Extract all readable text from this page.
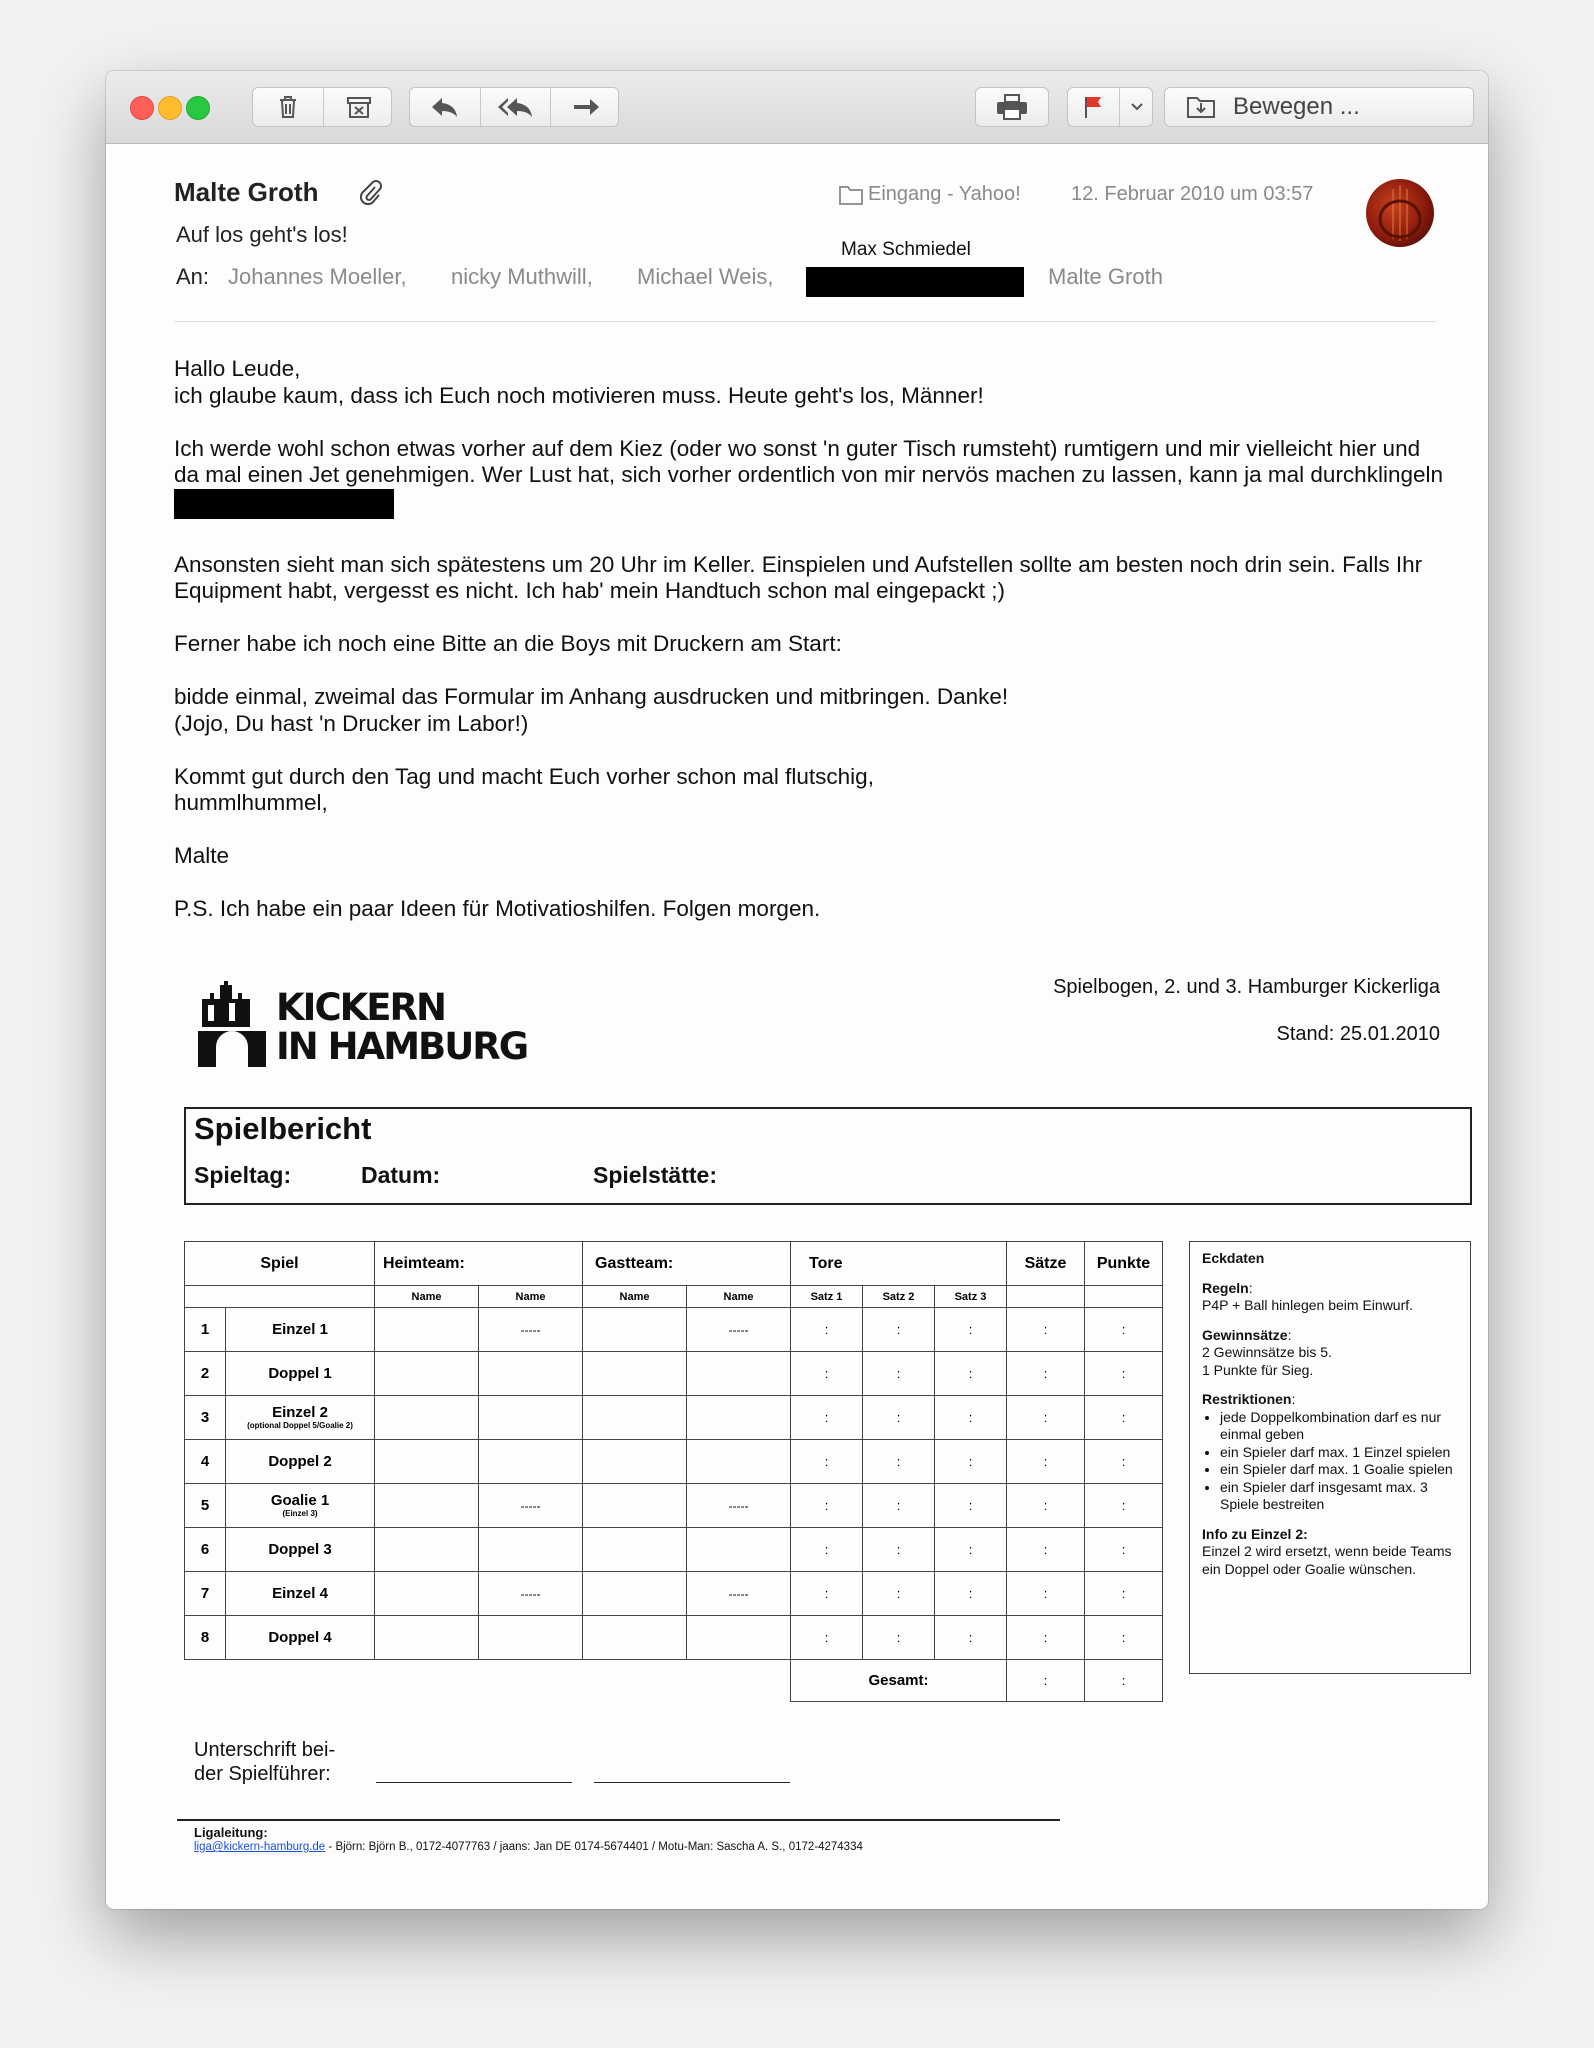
Bewegen ...
Malte Groth	Eingang - Yahoo!	12. Februar 2010 um 03:57
Auf los geht's los!
An: Johannes Moeller, nicky Muthwill, Michael Weis,
Max Schmiedel
Malte Groth

Hallo Leude,

ich glaube kaum, dass ich Euch noch motivieren muss. Heute geht's los, Männer!

Ich werde wohl schon etwas vorher auf dem Kiez (oder wo sonst 'n guter Tisch rumsteht) rumtigern und mir vielleicht hier und da mal einen Jet genehmigen. Wer Lust hat, sich vorher ordentlich von mir nervös machen zu lassen, kann ja mal durchklingeln

Ansonsten sieht man sich spätestens um 20 Uhr im Keller. Einspielen und Aufstellen sollte am besten noch drin sein. Falls Ihr Equipment habt, vergesst es nicht. Ich hab' mein Handtuch schon mal eingepackt ;)

Ferner habe ich noch eine Bitte an die Boys mit Druckern am Start:

bidde einmal, zweimal das Formular im Anhang ausdrucken und mitbringen. Danke!

(Jojo, Du hast 'n Drucker im Labor!)

Kommt gut durch den Tag und macht Euch vorher schon mal flutschig,

hummlhummel,

Malte

P.S. Ich habe ein paar Ideen für Motivatioshilfen. Folgen morgen.

KICKERN
IN HAMBURG
Spielbogen, 2. und 3. Hamburger Kickerliga
Stand: 25.01.2010
Spielbericht
Spieltag:	Datum:	Spielstätte:
Spiel		Heimteam:		Gastteam:		Tore			Sätze	Punkte
		Name	Name	Name	Name	Satz 1	Satz 2	Satz 3		
1	Einzel 1		-----		-----	:	:	:	:	:
2	Doppel 1					:	:	:	:	:
3	Einzel 2
(optional Doppel 5/Goalie 2)					:	:	:	:	:
4	Doppel 2					:	:	:	:	:
5	Goalie 1
(Einzel 3)		-----		-----	:	:	:	:	:
6	Doppel 3					:	:	:	:	:
7	Einzel 4		-----		-----	:	:	:	:	:
8	Doppel 4					:	:	:	:	:
						Gesamt:			:	:
Eckdaten
Regeln:
P4P + Ball hinlegen beim Einwurf.
Gewinnsätze:
2 Gewinnsätze bis 5.
1 Punkte für Sieg.
Restriktionen:
• jede Doppelkombination darf es nur einmal geben
• ein Spieler darf max. 1 Einzel spielen
• ein Spieler darf max. 1 Goalie spielen
• ein Spieler darf insgesamt max. 3 Spiele bestreiten
Info zu Einzel 2:
Einzel 2 wird ersetzt, wenn beide Teams ein Doppel oder Goalie wünschen.
Unterschrift bei-
der Spielführer:
Ligaleitung:
liga@kickern-hamburg.de - Björn: Björn B., 0172-4077763 / jaans: Jan DE 0174-5674401 / Motu-Man: Sascha A. S., 0172-4274334
